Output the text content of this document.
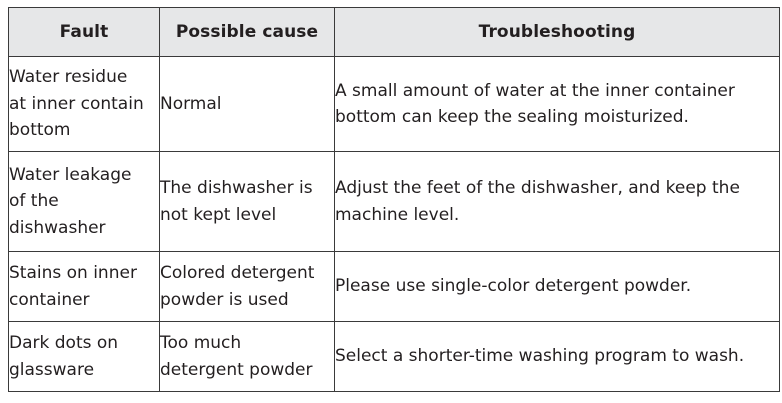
Fault	Possible cause	Troubleshooting

Water residue
at inner contain
bottom	Normal	A small amount of water at the inner container
bottom can keep the sealing moisturized.

Water leakage
of the
dishwasher	The dishwasher is
not kept level	Adjust the feet of the dishwasher, and keep the
machine level.

Stains on inner
container	Colored detergent
powder is used	Please use single-color detergent powder.

Dark dots on
glassware	Too much
detergent powder	Select a shorter-time washing program to wash.
